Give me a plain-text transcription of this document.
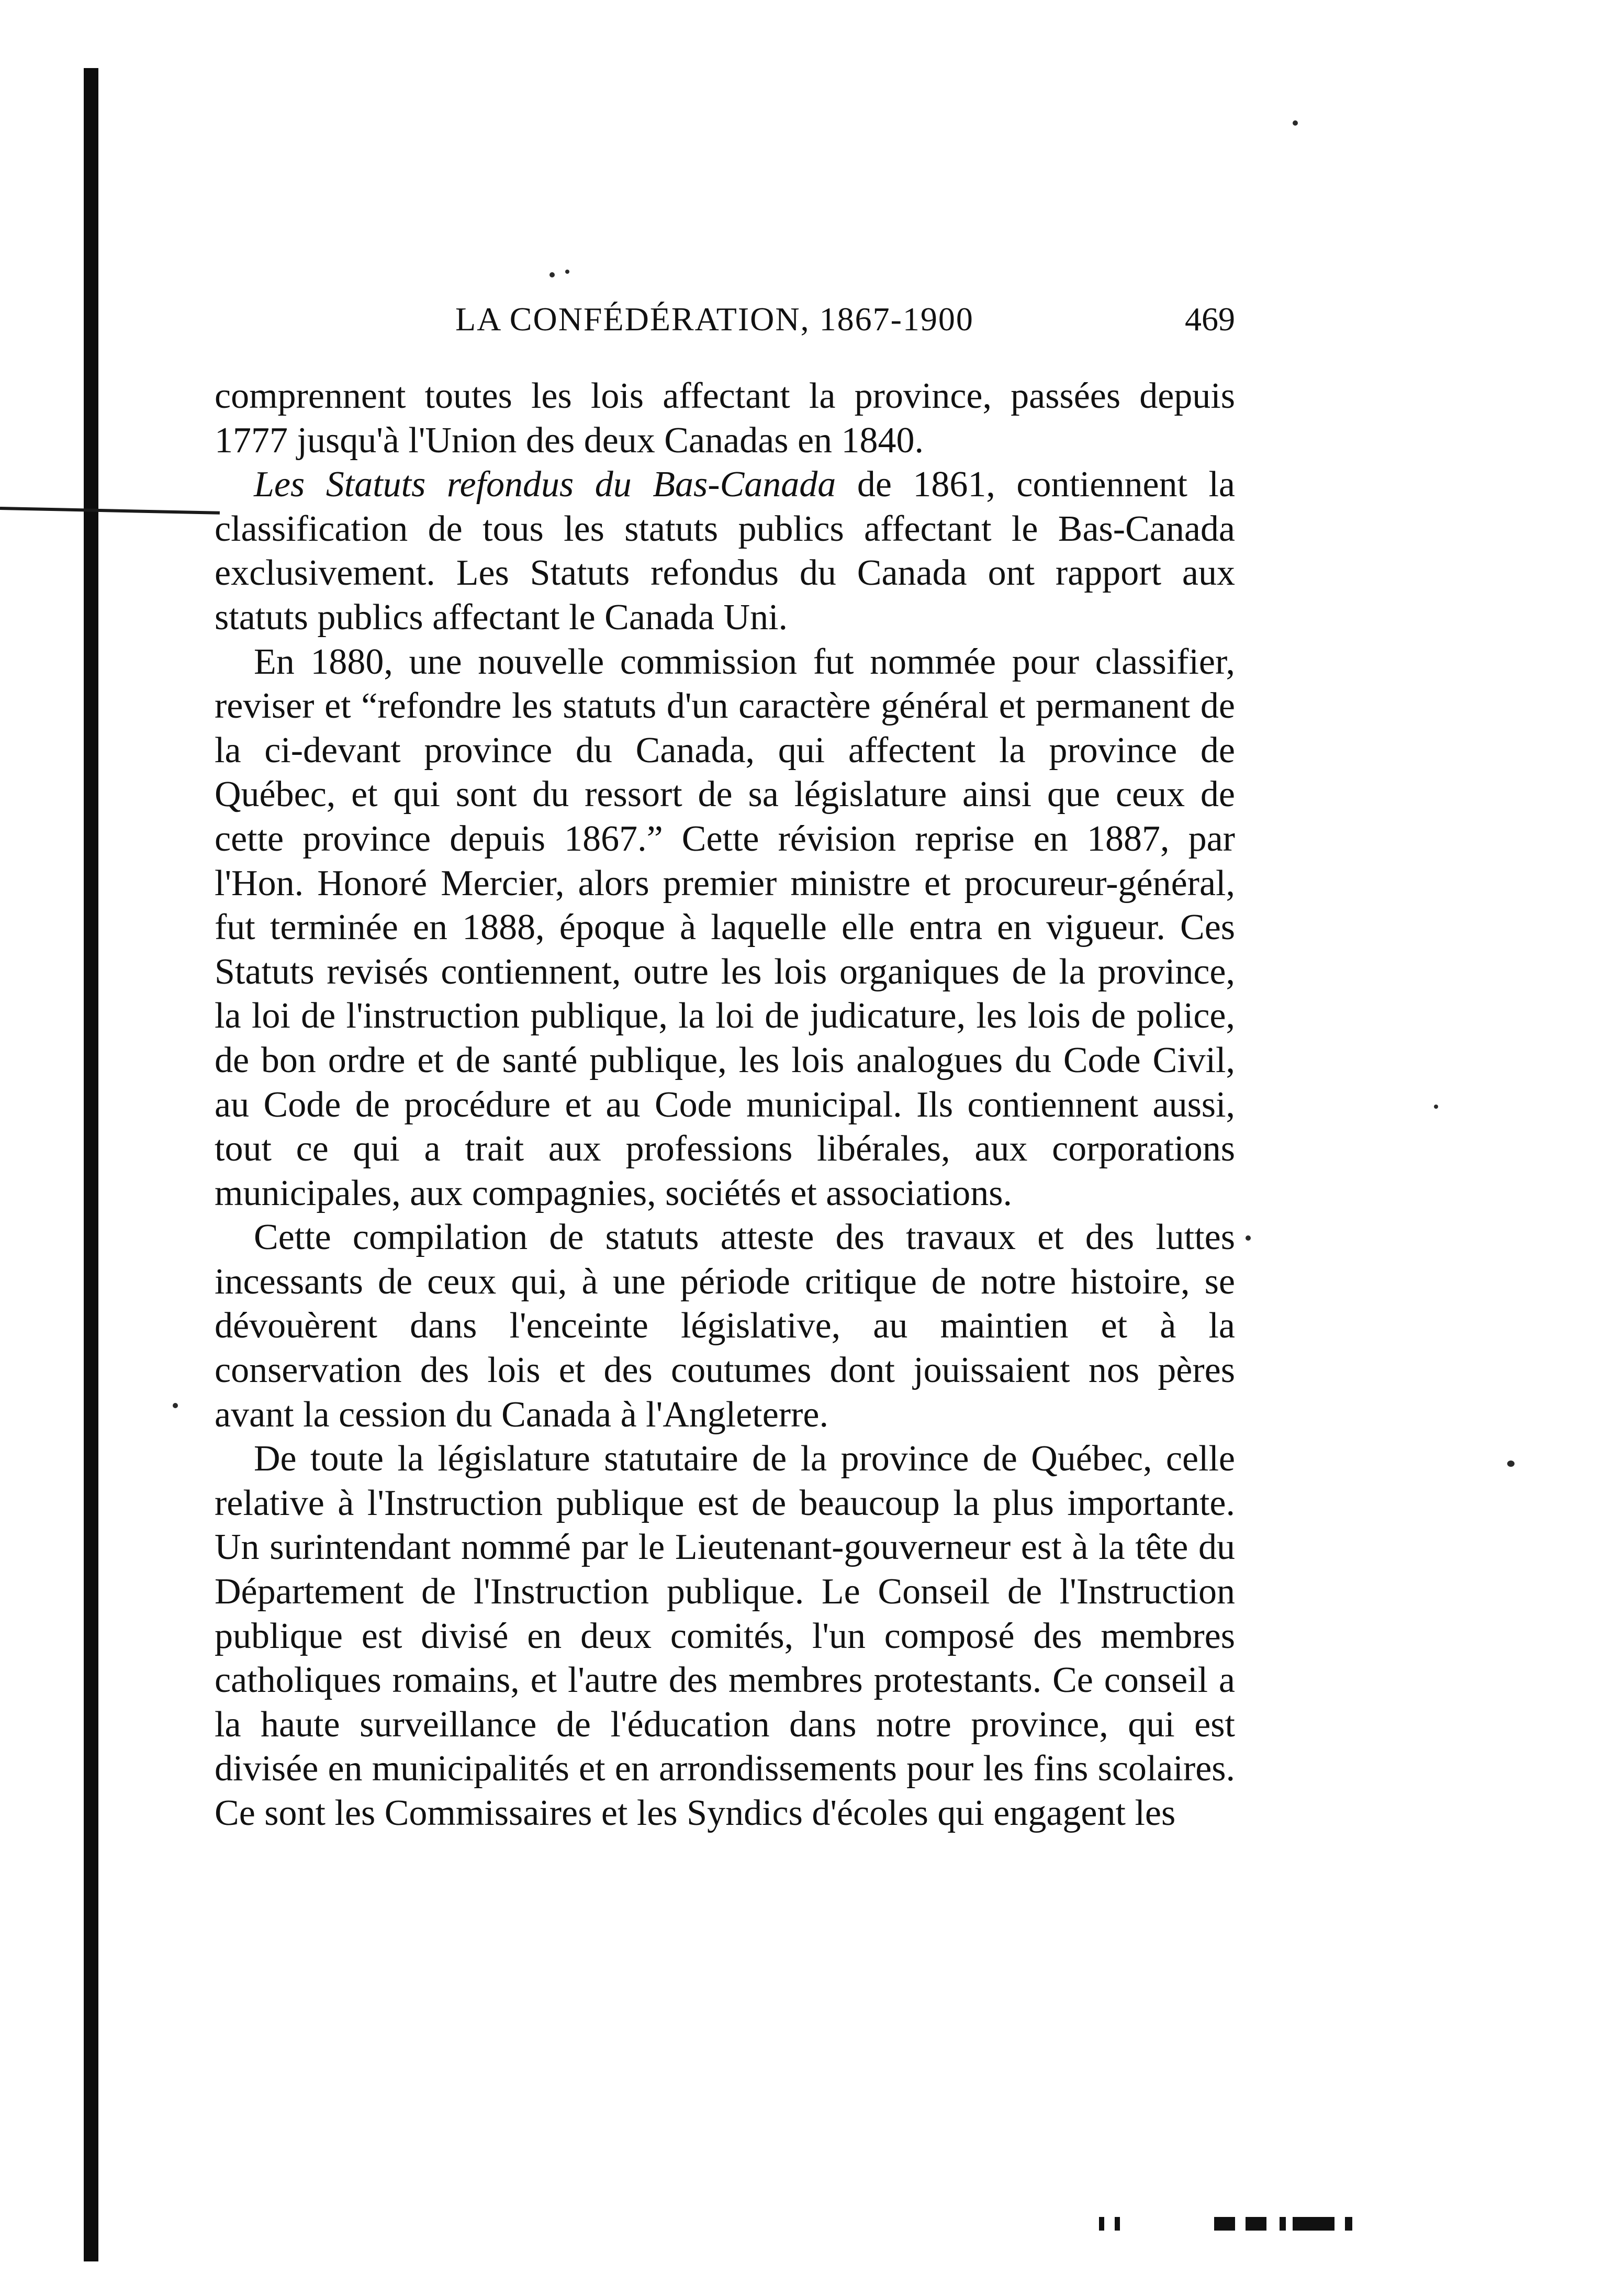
LA CONFÉDÉRATION, 1867-1900	469

comprennent toutes les lois affectant la province, passées depuis 1777 jusqu'à l'Union des deux Canadas en 1840.

Les Statuts refondus du Bas-Canada de 1861, contiennent la classification de tous les statuts publics affectant le Bas-Canada exclusivement. Les Statuts refondus du Canada ont rapport aux statuts publics affectant le Canada Uni.

En 1880, une nouvelle commission fut nommée pour classifier, reviser et “refondre les statuts d'un caractère général et permanent de la ci-devant province du Canada, qui affectent la province de Québec, et qui sont du ressort de sa législature ainsi que ceux de cette province depuis 1867.” Cette révision reprise en 1887, par l'Hon. Honoré Mercier, alors premier ministre et procureur-général, fut terminée en 1888, époque à laquelle elle entra en vigueur. Ces Statuts revisés contiennent, outre les lois organiques de la province, la loi de l'instruction publique, la loi de judicature, les lois de police, de bon ordre et de santé publique, les lois analogues du Code Civil, au Code de procédure et au Code municipal. Ils contiennent aussi, tout ce qui a trait aux professions libérales, aux corporations municipales, aux compagnies, sociétés et associations.

Cette compilation de statuts atteste des travaux et des luttes incessants de ceux qui, à une période critique de notre histoire, se dévouèrent dans l'enceinte législative, au maintien et à la conservation des lois et des coutumes dont jouissaient nos pères avant la cession du Canada à l'Angleterre.

De toute la législature statutaire de la province de Québec, celle relative à l'Instruction publique est de beaucoup la plus importante. Un surintendant nommé par le Lieutenant-gouverneur est à la tête du Département de l'Instruction publique. Le Conseil de l'Instruction publique est divisé en deux comités, l'un composé des membres catholiques romains, et l'autre des membres protestants. Ce conseil a la haute surveillance de l'éducation dans notre province, qui est divisée en municipalités et en arrondissements pour les fins scolaires. Ce sont les Commissaires et les Syndics d'écoles qui engagent les
